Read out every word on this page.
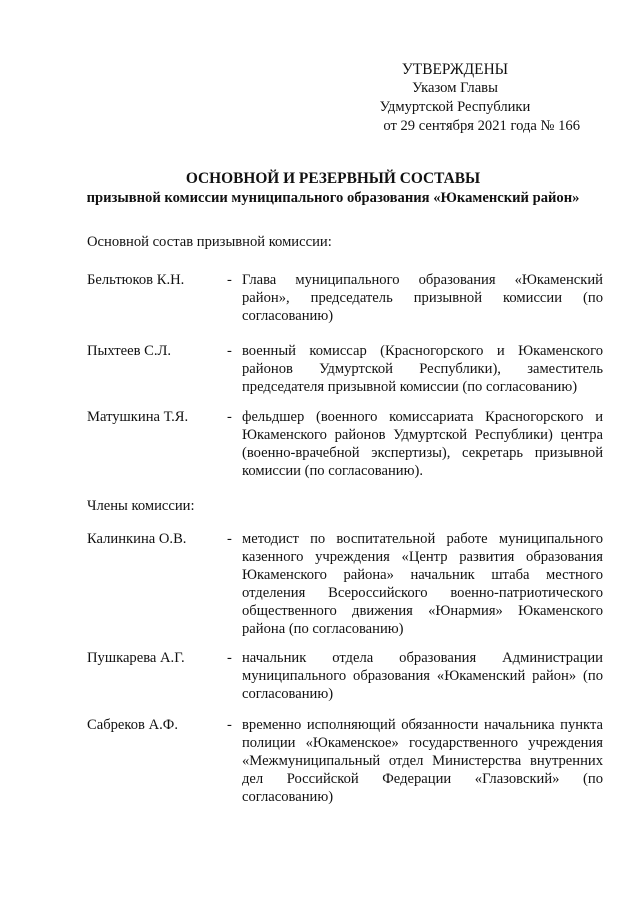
УТВЕРЖДЕНЫ
Указом Главы
Удмуртской Республики
от 29 сентября 2021 года № 166
ОСНОВНОЙ И РЕЗЕРВНЫЙ СОСТАВЫ
призывной комиссии муниципального образования «Юкаменский район»
Основной состав призывной комиссии:
Бельтюков К.Н.	- Глава муниципального образования «Юкаменский район», председатель призывной комиссии (по согласованию)
Пыхтеев С.Л.	- военный комиссар (Красногорского и Юкаменского районов Удмуртской Республики), заместитель председателя призывной комиссии (по согласованию)
Матушкина Т.Я.	- фельдшер (военного комиссариата Красногорского и Юкаменского районов Удмуртской Республики) центра (военно-врачебной экспертизы), секретарь призывной комиссии (по согласованию).
Члены комиссии:
Калинкина О.В.	- методист по воспитательной работе муниципального казенного учреждения «Центр развития образования Юкаменского района» начальник штаба местного отделения Всероссийского военно-патриотического общественного движения «Юнармия» Юкаменского района (по согласованию)
Пушкарева А.Г.	- начальник отдела образования Администрации муниципального образования «Юкаменский район» (по согласованию)
Сабреков А.Ф.	- временно исполняющий обязанности начальника пункта полиции «Юкаменское» государственного учреждения «Межмуниципальный отдел Министерства внутренних дел Российской Федерации «Глазовский» (по согласованию)
